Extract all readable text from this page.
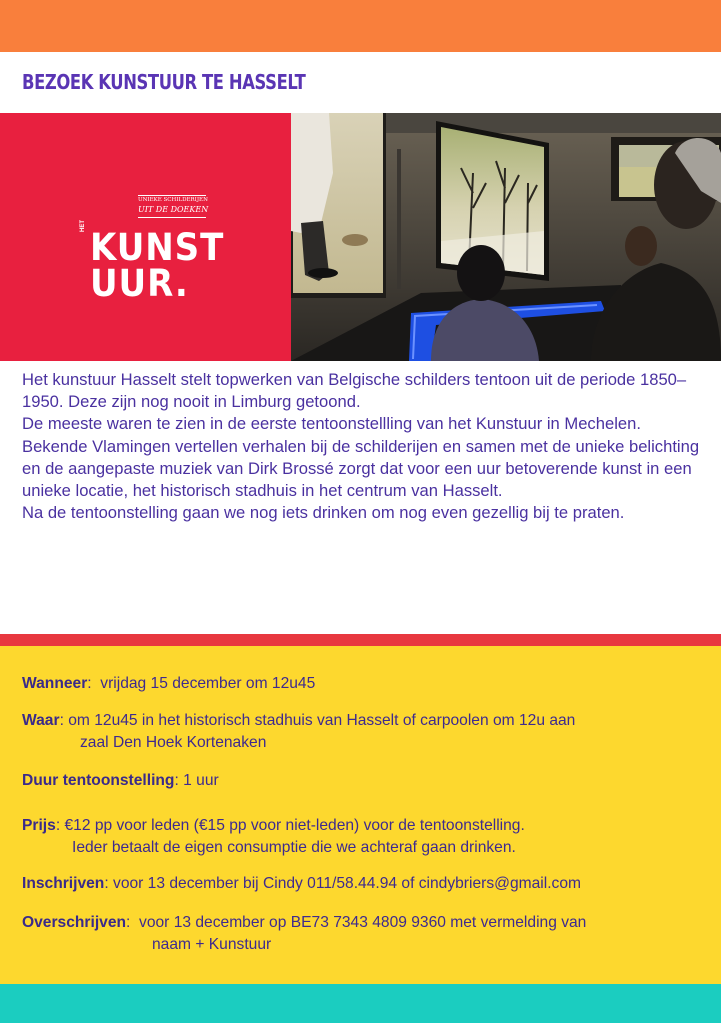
BEZOEK KUNSTUUR TE HASSELT
UNIEKE SCHILDERIJEN
UIT DE DOEKEN
HET KUNST
UUR.

Het kunstuur Hasselt stelt topwerken van Belgische schilders tentoon uit de periode 1850–1950. Deze zijn nog nooit in Limburg getoond.

De meeste waren te zien in de eerste tentoonstellling van het Kunstuur in Mechelen.

Bekende Vlamingen vertellen verhalen bij de schilderijen en samen met de unieke belichting en de aangepaste muziek van Dirk Brossé zorgt dat voor een uur betoverende kunst in een unieke locatie, het historisch stadhuis in het centrum van Hasselt.

Na de tentoonstelling gaan we nog iets drinken om nog even gezellig bij te praten.

Wanneer:  vrijdag 15 december om 12u45
Waar: om 12u45 in het historisch stadhuis van Hasselt of carpoolen om 12u aan
zaal Den Hoek Kortenaken
Duur tentoonstelling: 1 uur
Prijs: €12 pp voor leden (€15 pp voor niet-leden) voor de tentoonstelling.
Ieder betaalt de eigen consumptie die we achteraf gaan drinken.
Inschrijven: voor 13 december bij Cindy 011/58.44.94 of cindybriers@gmail.com
Overschrijven:  voor 13 december op BE73 7343 4809 9360 met vermelding van
naam + Kunstuur
